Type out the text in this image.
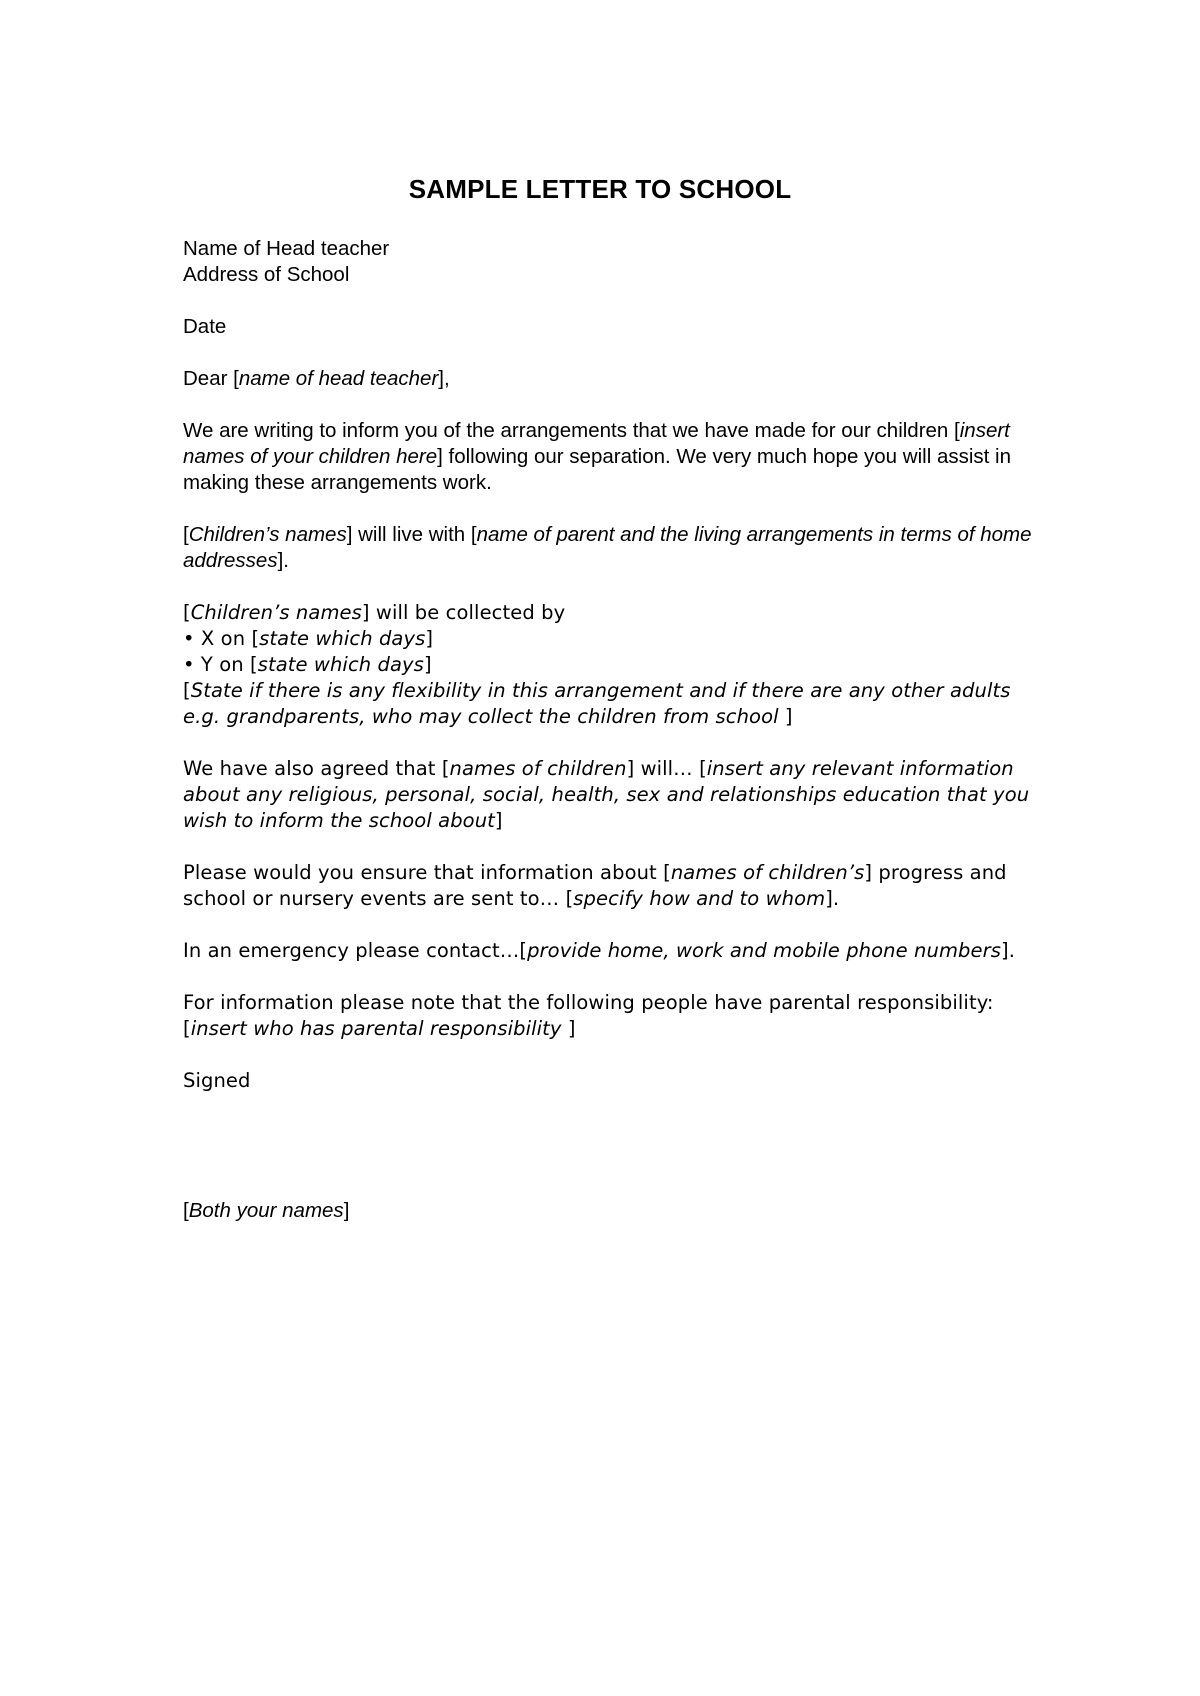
SAMPLE LETTER TO SCHOOL

Name of Head teacher

Address of School

Date

Dear [name of head teacher],

We are writing to inform you of the arrangements that we have made for our children [insert names of your children here] following our separation. We very much hope you will assist in making these arrangements work.

[Children’s names] will live with [name of parent and the living arrangements in terms of home addresses].

[Children’s names] will be collected by

• X on [state which days]

• Y on [state which days]

[State if there is any flexibility in this arrangement and if there are any other adults e.g. grandparents, who may collect the children from school ]

We have also agreed that [names of children] will… [insert any relevant information about any religious, personal, social, health, sex and relationships education that you wish to inform the school about]

Please would you ensure that information about [names of children’s] progress and school or nursery events are sent to… [specify how and to whom].

In an emergency please contact…[provide home, work and mobile phone numbers].

For information please note that the following people have parental responsibility: [insert who has parental responsibility ]

Signed

[Both your names]
